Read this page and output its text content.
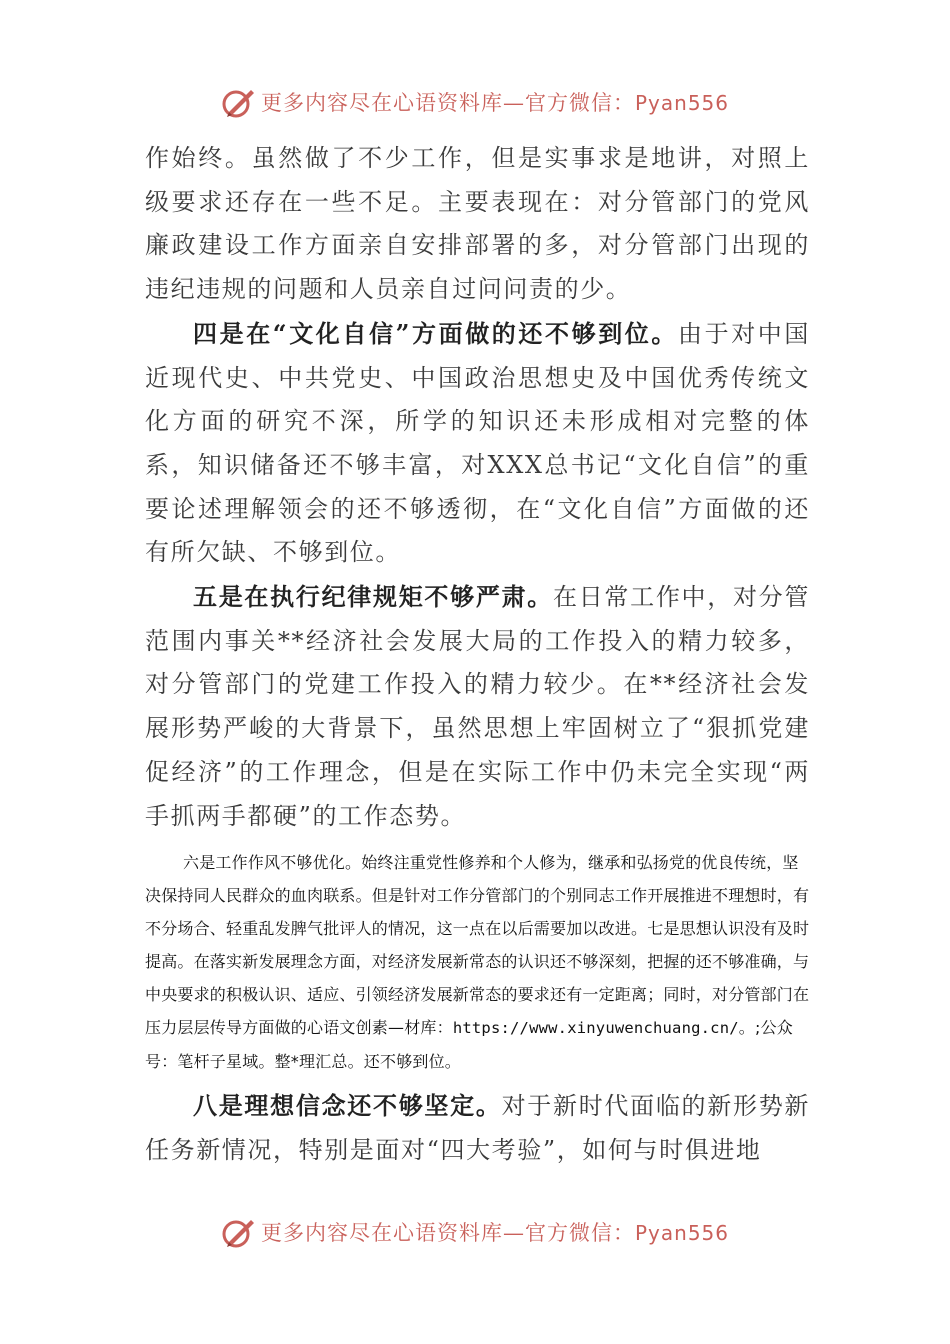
更多内容尽在心语资料库—官方微信：Pyan556

作始终。虽然做了不少工作，但是实事求是地讲，对照上级要求还存在一些不足。主要表现在：对分管部门的党风廉政建设工作方面亲自安排部署的多，对分管部门出现的违纪违规的问题和人员亲自过问问责的少。

四是在“文化自信”方面做的还不够到位。由于对中国近现代史、中共党史、中国政治思想史及中国优秀传统文化方面的研究不深，所学的知识还未形成相对完整的体系，知识储备还不够丰富，对XXX总书记“文化自信”的重要论述理解领会的还不够透彻，在“文化自信”方面做的还有所欠缺、不够到位。

五是在执行纪律规矩不够严肃。在日常工作中，对分管范围内事关**经济社会发展大局的工作投入的精力较多，对分管部门的党建工作投入的精力较少。在**经济社会发展形势严峻的大背景下，虽然思想上牢固树立了“狠抓党建促经济”的工作理念，但是在实际工作中仍未完全实现“两手抓两手都硬”的工作态势。

六是工作作风不够优化。始终注重党性修养和个人修为，继承和弘扬党的优良传统，坚决保持同人民群众的血肉联系。但是针对工作分管部门的个别同志工作开展推进不理想时，有不分场合、轻重乱发脾气批评人的情况，这一点在以后需要加以改进。七是思想认识没有及时提高。在落实新发展理念方面，对经济发展新常态的认识还不够深刻，把握的还不够准确，与中央要求的积极认识、适应、引领经济发展新常态的要求还有一定距离；同时，对分管部门在压力层层传导方面做的心语文创素—材库：https://www.xinyuwenchuang.cn/。;公众号：笔杆子星域。整*理汇总。还不够到位。

八是理想信念还不够坚定。对于新时代面临的新形势新任务新情况，特别是面对“四大考验”，如何与时俱进地

更多内容尽在心语资料库—官方微信：Pyan556
